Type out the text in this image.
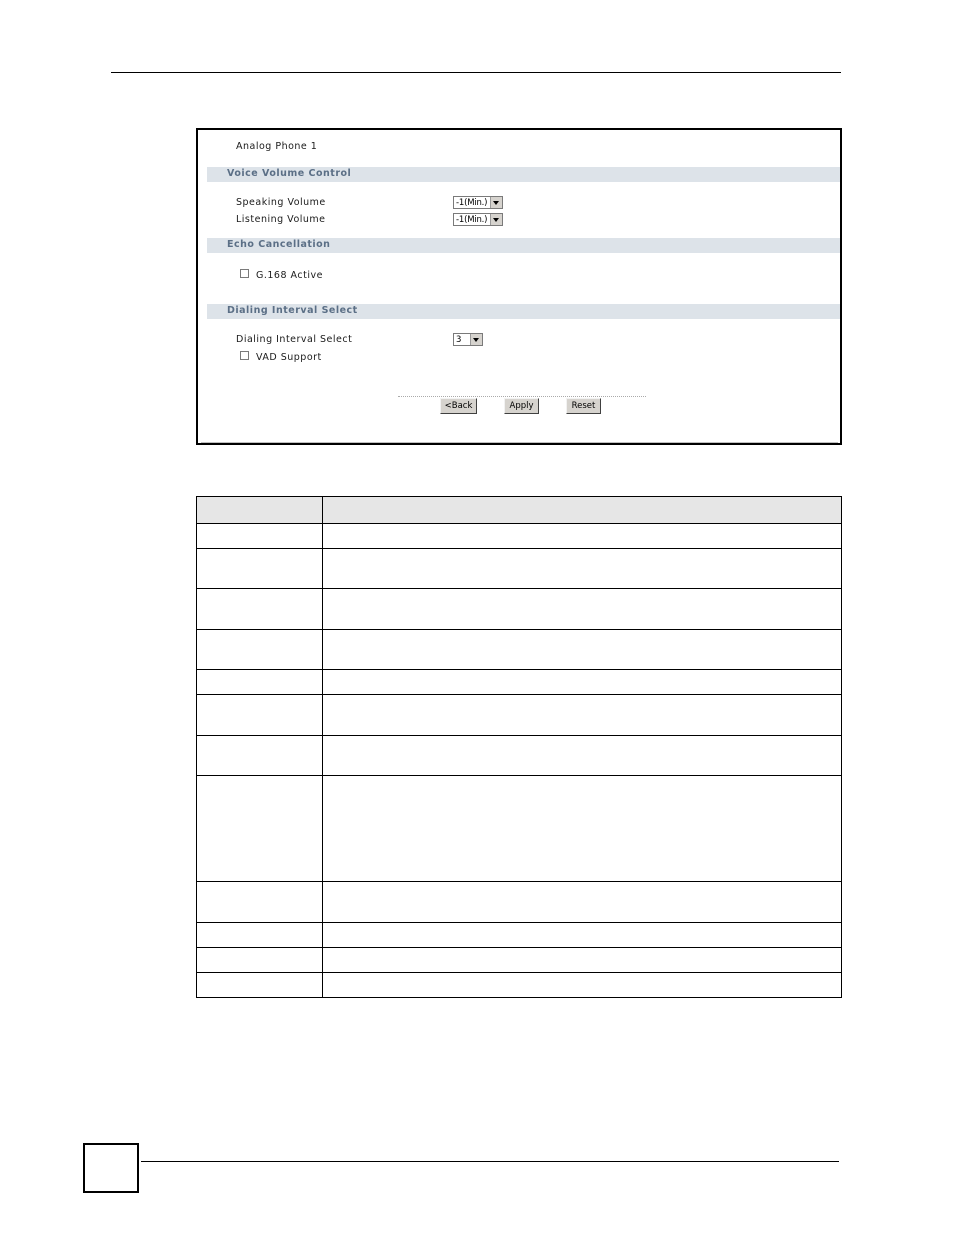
Analog Phone 1
Voice Volume Control
Speaking Volume	-1(Min.)
Listening Volume	-1(Min.)
Echo Cancellation
G.168 Active
Dialing Interval Select
Dialing Interval Select	3
VAD Support
<Back	Apply	Reset
